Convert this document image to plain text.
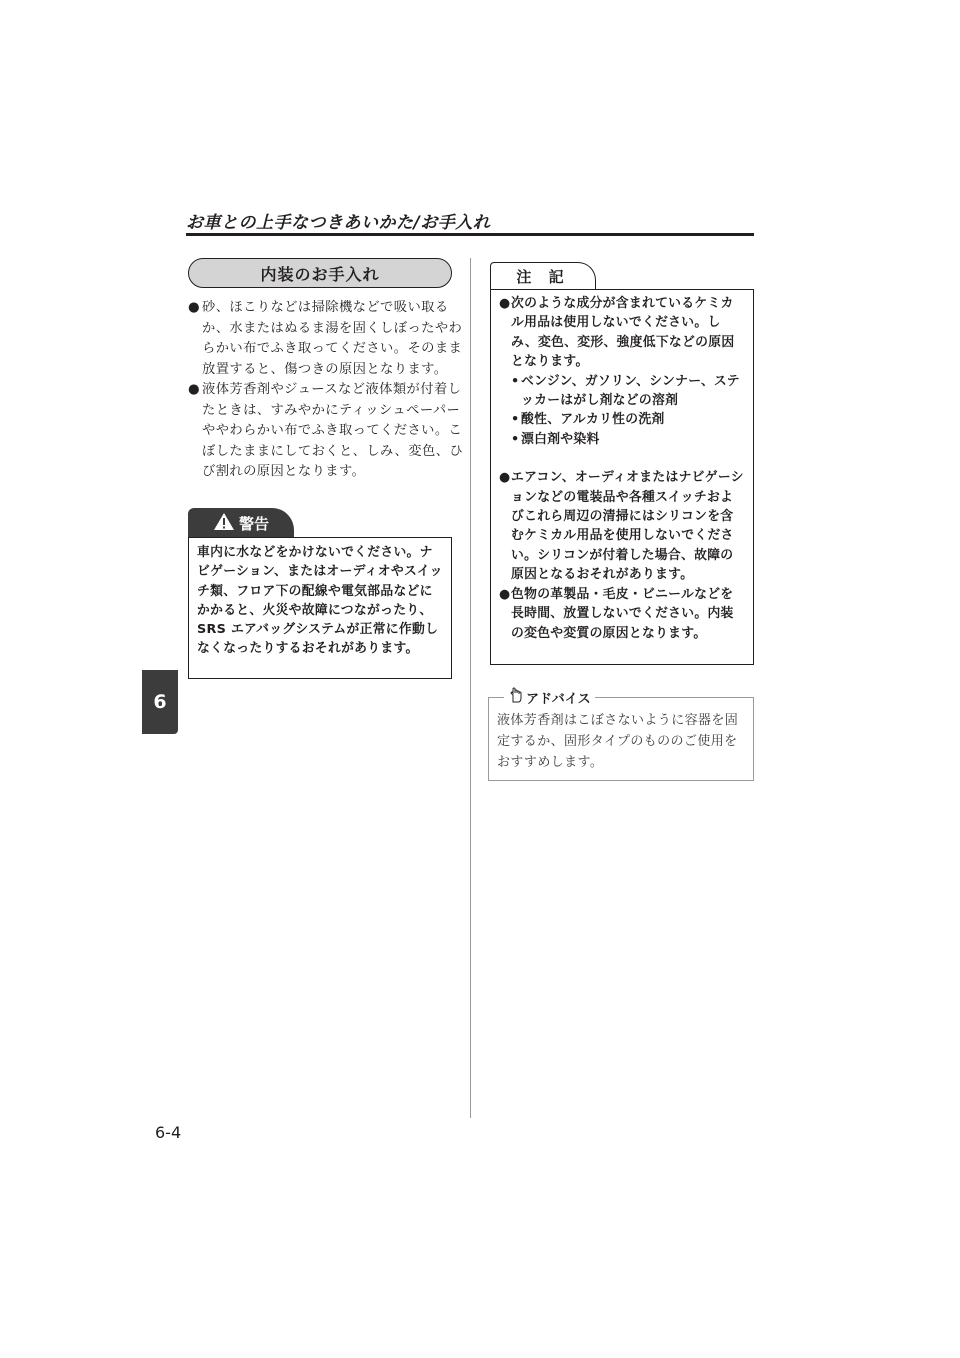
お車との上手なつきあいかた/お手入れ
6
6-4
内装のお手入れ
● 砂、ほこりなどは掃除機などで吸い取るか、水またはぬるま湯を固くしぼったやわらかい布でふき取ってください。そのまま放置すると、傷つきの原因となります。
● 液体芳香剤やジュースなど液体類が付着したときは、すみやかにティッシュペーパーややわらかい布でふき取ってください。こぼしたままにしておくと、しみ、変色、ひび割れの原因となります。
警告
車内に水などをかけないでください。ナビゲーション、またはオーディオやスイッチ類、フロア下の配線や電気部品などにかかると、火災や故障につながったり、SRS エアバッグシステムが正常に作動しなくなったりするおそれがあります。
注 記
● 次のような成分が含まれているケミカル用品は使用しないでください。しみ、変色、変形、強度低下などの原因となります。
• ベンジン、ガソリン、シンナー、ステッカーはがし剤などの溶剤
• 酸性、アルカリ性の洗剤
• 漂白剤や染料
● エアコン、オーディオまたはナビゲーションなどの電装品や各種スイッチおよびこれら周辺の清掃にはシリコンを含むケミカル用品を使用しないでください。シリコンが付着した場合、故障の原因となるおそれがあります。
● 色物の革製品・毛皮・ビニールなどを長時間、放置しないでください。内装の変色や変質の原因となります。
アドバイス
液体芳香剤はこぼさないように容器を固定するか、固形タイプのもののご使用をおすすめします。
